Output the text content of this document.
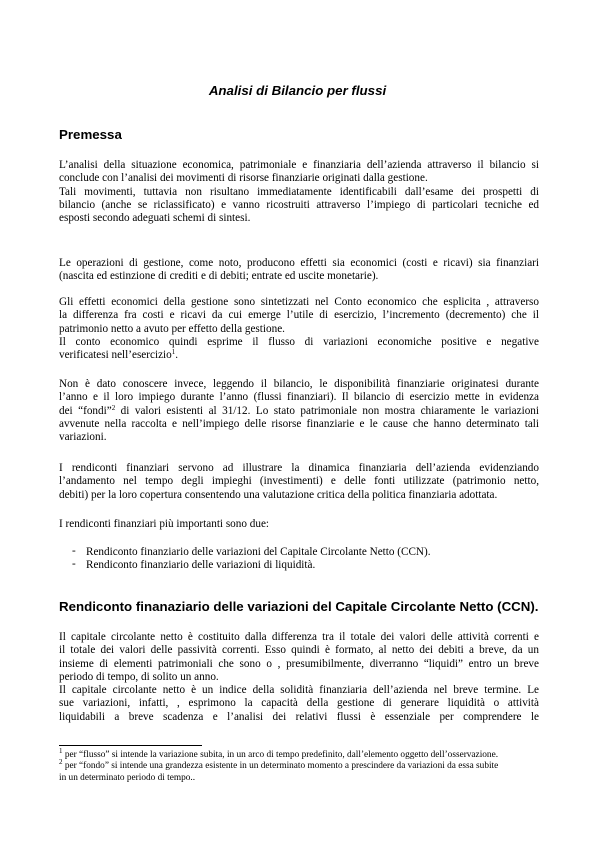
Analisi di Bilancio per flussi
Premessa
L’analisi della situazione economica, patrimoniale e finanziaria dell’azienda attraverso il bilancio si
conclude con l’analisi dei movimenti di risorse finanziarie originati dalla gestione.
Tali movimenti, tuttavia non risultano immediatamente identificabili dall’esame dei prospetti di
bilancio (anche se riclassificato) e vanno ricostruiti attraverso l’impiego di particolari tecniche ed
esposti secondo adeguati schemi di sintesi.
Le operazioni di gestione, come noto, producono effetti sia economici (costi e ricavi) sia finanziari
(nascita ed estinzione di crediti e di debiti; entrate ed uscite monetarie).
Gli effetti economici della gestione sono sintetizzati nel Conto economico che esplicita , attraverso
la differenza fra costi e ricavi da cui emerge l’utile di esercizio, l’incremento (decremento) che il
patrimonio netto a avuto per effetto della gestione.
Il conto economico quindi esprime il flusso di variazioni economiche positive e negative
verificatesi nell’esercizio$^1$.
Non è dato conoscere invece, leggendo il bilancio, le disponibilità finanziarie originatesi durante
l’anno e il loro impiego durante l’anno (flussi finanziari). Il bilancio di esercizio mette in evidenza
dei “fondi”$^2$ di valori esistenti al 31/12. Lo stato patrimoniale non mostra chiaramente le variazioni
avvenute nella raccolta e nell’impiego delle risorse finanziarie e le cause che hanno determinato tali
variazioni.
I rendiconti finanziari servono ad illustrare la dinamica finanziaria dell’azienda evidenziando
l’andamento nel tempo degli impieghi (investimenti) e delle fonti utilizzate (patrimonio netto,
debiti) per la loro copertura consentendo una valutazione critica della politica finanziaria adottata.
I rendiconti finanziari più importanti sono due:
- Rendiconto finanziario delle variazioni del Capitale Circolante Netto (CCN).
- Rendiconto finanziario delle variazioni di liquidità.
Rendiconto finanaziario delle variazioni del Capitale Circolante Netto (CCN).
Il capitale circolante netto è costituito dalla differenza tra il totale dei valori delle attività correnti e
il totale dei valori delle passività correnti. Esso quindi è formato, al netto dei debiti a breve, da un
insieme di elementi patrimoniali che sono o , presumibilmente, diverranno “liquidi” entro un breve
periodo di tempo, di solito un anno.
Il capitale circolante netto è un indice della solidità finanziaria dell’azienda nel breve termine. Le
sue variazioni, infatti, , esprimono la capacità della gestione di generare liquidità o attività
liquidabili a breve scadenza e l’analisi dei relativi flussi è essenziale per comprendere le
$^1$ per “flusso” si intende la variazione subita, in un arco di tempo predefinito, dall’elemento oggetto dell’osservazione.
$^2$ per “fondo” si intende una grandezza esistente in un determinato momento a prescindere da variazioni da essa subite
in un determinato periodo di tempo..
